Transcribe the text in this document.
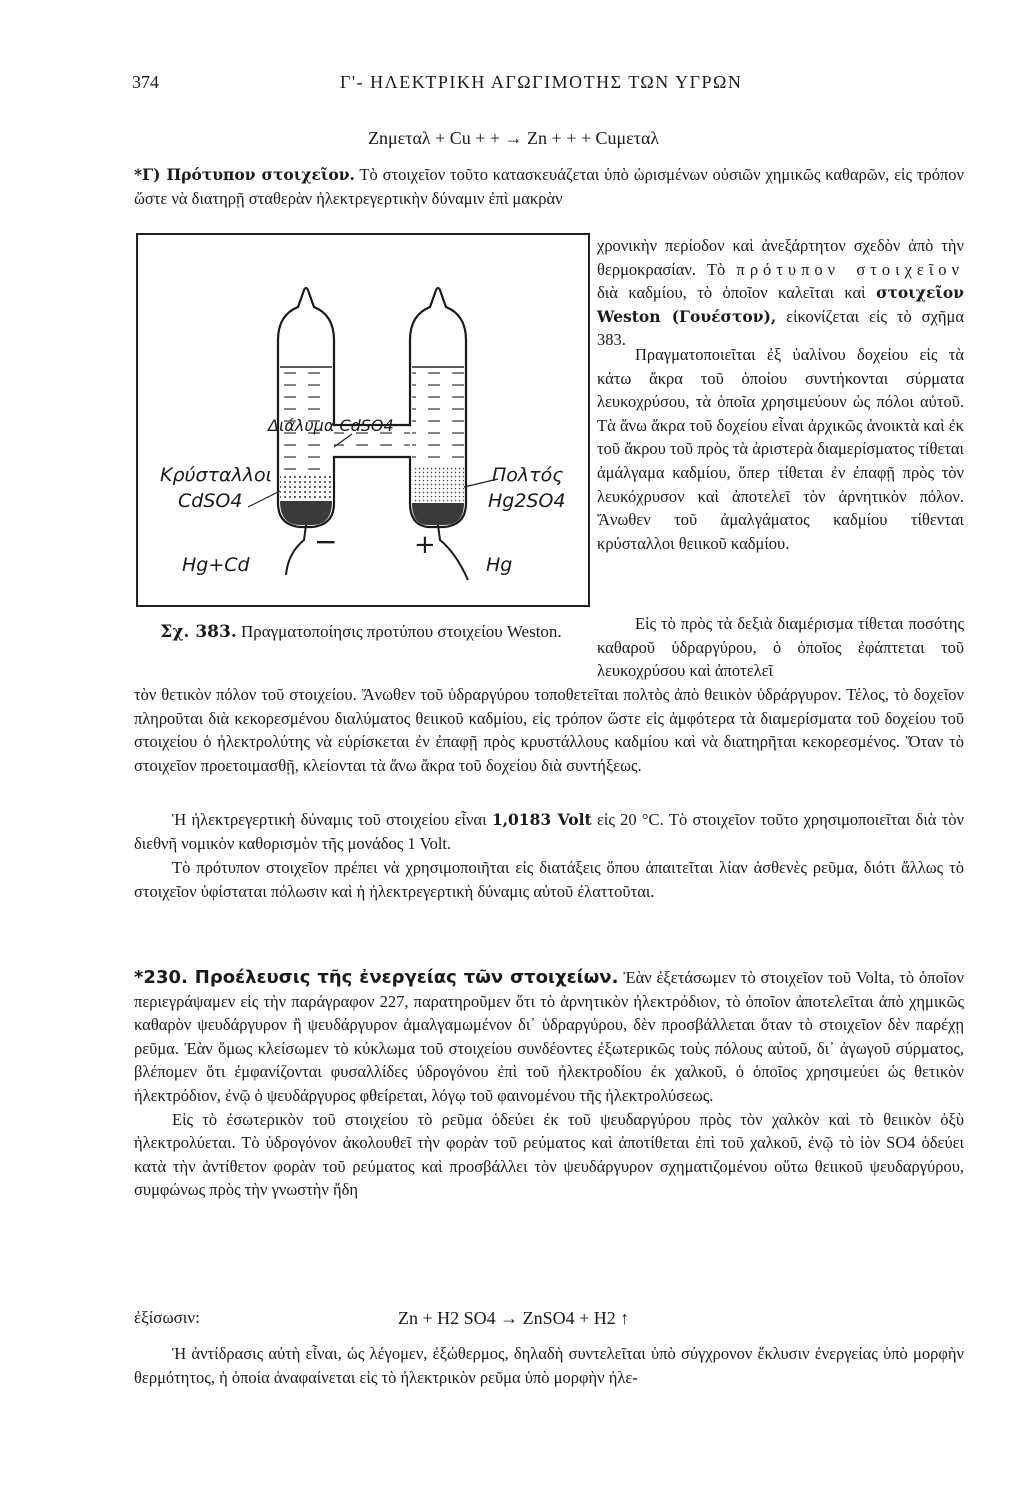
374	Γ'- ΗΛΕΚΤΡΙΚΗ ΑΓΩΓΙΜΟΤΗΣ ΤΩΝ ΥΓΡΩΝ
Znμεταλ + Cu + + → Zn + + + Cuμεταλ
*Γ) Πρότυπον στοιχεῖον. Τὸ στοιχεῖον τοῦτο κατασκευάζεται ὑπὸ ὡρισμένων οὐσιῶν χημικῶς καθαρῶν, εἰς τρόπον ὥστε νὰ διατηρῇ σταθερὰν ἠλεκτρεγερτικὴν δύναμιν ἐπὶ μακρὰν
χρονικὴν περίοδον καὶ ἀνεξάρτητον σχεδὸν ἀπὸ τὴν θερμοκρασίαν. Τὸ πρότυπον στοιχεῖον διὰ καδμίου, τὸ ὁποῖον καλεῖται καὶ στοιχεῖον Weston (Γουέστον), εἰκονίζεται εἰς τὸ σχῆμα 383.
Πραγματοποιεῖται ἐξ ὑαλίνου δοχείου εἰς τὰ κάτω ἄκρα τοῦ ὁποίου συντήκονται σύρματα λευκοχρύσου, τὰ ὁποῖα χρησιμεύουν ὡς πόλοι αὐτοῦ. Τὰ ἄνω ἄκρα τοῦ δοχείου εἶναι ἀρχικῶς ἀνοικτὰ καὶ ἐκ τοῦ ἄκρου τοῦ πρὸς τὰ ἀριστερὰ διαμερίσματος τίθεται ἀμάλγαμα καδμίου, ὅπερ τίθεται ἐν ἐπαφῇ πρὸς τὸν λευκόχρυσον καὶ ἀποτελεῖ τὸν ἀρνητικὸν πόλον. Ἄνωθεν τοῦ ἀμαλγάματος καδμίου τίθενται κρύσταλλοι θειικοῦ καδμίου.
Εἰς τὸ πρὸς τὰ δεξιὰ διαμέρισμα τίθεται ποσότης καθαροῦ ὑδραργύρου, ὁ ὁποῖος ἐφάπτεται τοῦ λευκοχρύσου καὶ ἀποτελεῖ
Διάλυμα CdSO4
Κρύσταλλοι
CdSO4
Πολτός
Hg2SO4
Hg+Cd	Hg
−	+
Σχ. 383. Πραγματοποίησις προτύπου στοιχείου Weston.
τὸν θετικὸν πόλον τοῦ στοιχείου. Ἄνωθεν τοῦ ὑδραργύρου τοποθετεῖται πολτὸς ἀπὸ θειικὸν ὑδράργυρον. Τέλος, τὸ δοχεῖον πληροῦται διὰ κεκορεσμένου διαλύματος θειικοῦ καδμίου, εἰς τρόπον ὥστε εἰς ἀμφότερα τὰ διαμερίσματα τοῦ δοχείου τοῦ στοιχείου ὁ ἠλεκτρολύτης νὰ εὑρίσκεται ἐν ἐπαφῇ πρὸς κρυστάλλους καδμίου καὶ νὰ διατηρῆται κεκορεσμένος. Ὅταν τὸ στοιχεῖον προετοιμασθῇ, κλείονται τὰ ἄνω ἄκρα τοῦ δοχείου διὰ συντήξεως.
Ἡ ἠλεκτρεγερτικὴ δύναμις τοῦ στοιχείου εἶναι 1,0183 Volt εἰς 20 °C. Τὸ στοιχεῖον τοῦτο χρησιμοποιεῖται διὰ τὸν διεθνῆ νομικὸν καθορισμὸν τῆς μονάδος 1 Volt.
Τὸ πρότυπον στοιχεῖον πρέπει νὰ χρησιμοποιῆται εἰς διατάξεις ὅπου ἀπαιτεῖται λίαν ἀσθενὲς ρεῦμα, διότι ἄλλως τὸ στοιχεῖον ὑφίσταται πόλωσιν καὶ ἡ ἠλεκτρεγερτικὴ δύναμις αὐτοῦ ἐλαττοῦται.
*230. Προέλευσις τῆς ἐνεργείας τῶν στοιχείων. Ἐὰν ἐξετάσωμεν τὸ στοιχεῖον τοῦ Volta, τὸ ὁποῖον περιεγράψαμεν εἰς τὴν παράγραφον 227, παρατηροῦμεν ὅτι τὸ ἀρνητικὸν ἠλεκτρόδιον, τὸ ὁποῖον ἀποτελεῖται ἀπὸ χημικῶς καθαρὸν ψευδάργυρον ἢ ψευδάργυρον ἀμαλγαμωμένον δι᾽ ὑδραργύρου, δὲν προσβάλλεται ὅταν τὸ στοιχεῖον δὲν παρέχῃ ρεῦμα. Ἐὰν ὅμως κλείσωμεν τὸ κύκλωμα τοῦ στοιχείου συνδέοντες ἐξωτερικῶς τοὺς πόλους αὐτοῦ, δι᾽ ἀγωγοῦ σύρματος, βλέπομεν ὅτι ἐμφανίζονται φυσαλλίδες ὑδρογόνου ἐπὶ τοῦ ἠλεκτροδίου ἐκ χαλκοῦ, ὁ ὁποῖος χρησιμεύει ὡς θετικὸν ἠλεκτρόδιον, ἐνῷ ὁ ψευδάργυρος φθείρεται, λόγῳ τοῦ φαινομένου τῆς ἠλεκτρολύσεως.
Εἰς τὸ ἐσωτερικὸν τοῦ στοιχείου τὸ ρεῦμα ὁδεύει ἐκ τοῦ ψευδαργύρου πρὸς τὸν χαλκὸν καὶ τὸ θειικὸν ὀξὺ ἠλεκτρολύεται. Τὸ ὑδρογόνον ἀκολουθεῖ τὴν φορὰν τοῦ ρεύματος καὶ ἀποτίθεται ἐπὶ τοῦ χαλκοῦ, ἐνῷ τὸ ἰὸν SO4 ὁδεύει κατὰ τὴν ἀντίθετον φορὰν τοῦ ρεύματος καὶ προσβάλλει τὸν ψευδάργυρον σχηματιζομένου οὕτω θειικοῦ ψευδαργύρου, συμφώνως πρὸς τὴν γνωστὴν ἤδη
ἐξίσωσιν:	Zn + H2 SO4 → ZnSO4 + H2 ↑
Ἡ ἀντίδρασις αὐτὴ εἶναι, ὡς λέγομεν, ἐξώθερμος, δηλαδὴ συντελεῖται ὑπὸ σύγχρονον ἔκλυσιν ἐνεργείας ὑπὸ μορφὴν θερμότητος, ἡ ὁποία ἀναφαίνεται εἰς τὸ ἠλεκτρικὸν ρεῦμα ὑπὸ μορφὴν ἠλε-
